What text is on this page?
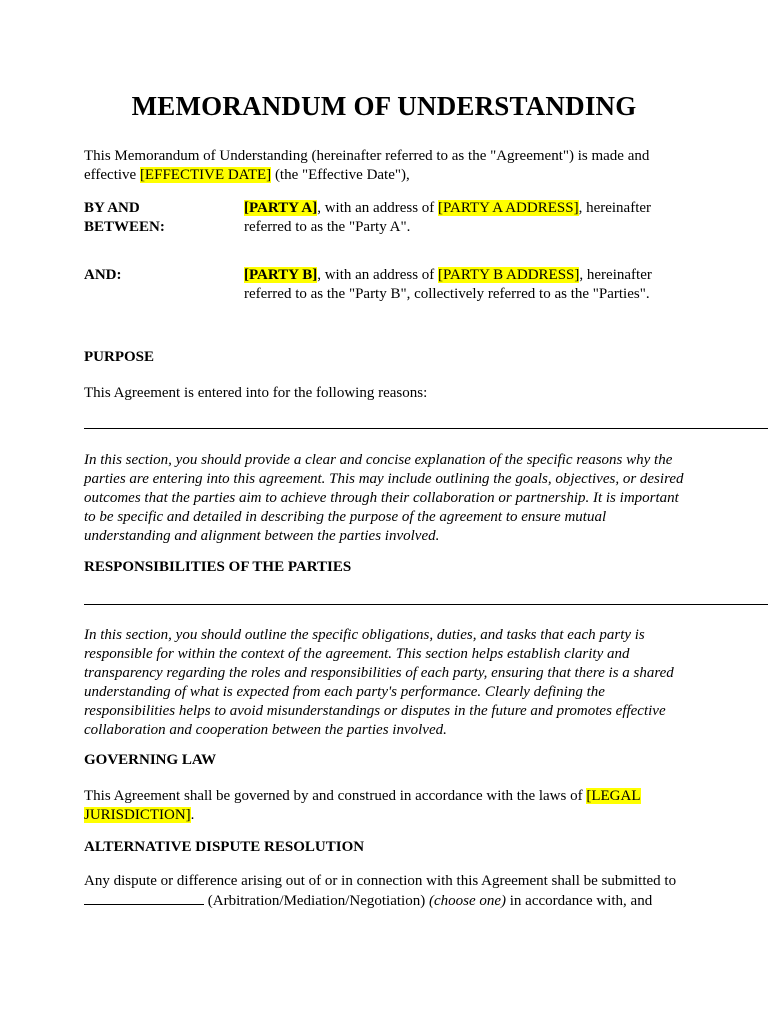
MEMORANDUM OF UNDERSTANDING
This Memorandum of Understanding (hereinafter referred to as the "Agreement") is made and
effective [EFFECTIVE DATE] (the "Effective Date"),
BY AND
BETWEEN:
[PARTY A], with an address of [PARTY A ADDRESS], hereinafter
referred to as the "Party A".
AND:	[PARTY B], with an address of [PARTY B ADDRESS], hereinafter
referred to as the "Party B", collectively referred to as the "Parties".
PURPOSE
This Agreement is entered into for the following reasons:
In this section, you should provide a clear and concise explanation of the specific reasons why the parties are entering into this agreement. This may include outlining the goals, objectives, or desired outcomes that the parties aim to achieve through their collaboration or partnership. It is important to be specific and detailed in describing the purpose of the agreement to ensure mutual understanding and alignment between the parties involved.
RESPONSIBILITIES OF THE PARTIES
In this section, you should outline the specific obligations, duties, and tasks that each party is responsible for within the context of the agreement. This section helps establish clarity and transparency regarding the roles and responsibilities of each party, ensuring that there is a shared understanding of what is expected from each party's performance. Clearly defining the responsibilities helps to avoid misunderstandings or disputes in the future and promotes effective collaboration and cooperation between the parties involved.
GOVERNING LAW
This Agreement shall be governed by and construed in accordance with the laws of [LEGAL
JURISDICTION].
ALTERNATIVE DISPUTE RESOLUTION
Any dispute or difference arising out of or in connection with this Agreement shall be submitted to
(Arbitration/Mediation/Negotiation) (choose one) in accordance with, and
